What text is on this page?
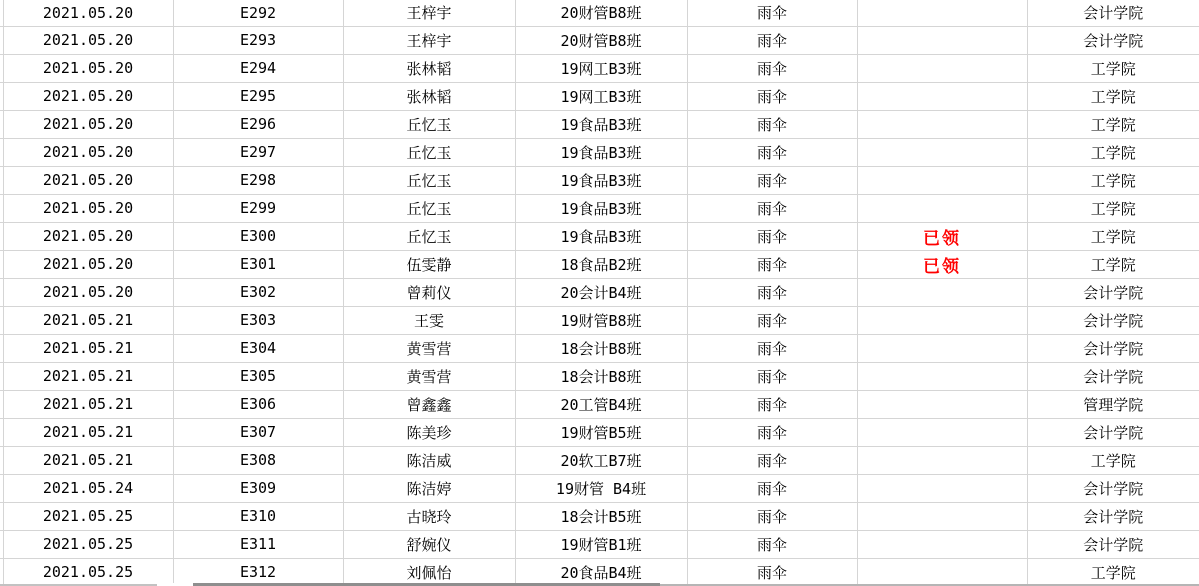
	2021.05.20	E292	王梓宇	20财管B8班	雨伞		会计学院
	2021.05.20	E293	王梓宇	20财管B8班	雨伞		会计学院
	2021.05.20	E294	张林韬	19网工B3班	雨伞		工学院
	2021.05.20	E295	张林韬	19网工B3班	雨伞		工学院
	2021.05.20	E296	丘忆玉	19食品B3班	雨伞		工学院
	2021.05.20	E297	丘忆玉	19食品B3班	雨伞		工学院
	2021.05.20	E298	丘忆玉	19食品B3班	雨伞		工学院
	2021.05.20	E299	丘忆玉	19食品B3班	雨伞		工学院
	2021.05.20	E300	丘忆玉	19食品B3班	雨伞	已领	工学院
	2021.05.20	E301	伍雯静	18食品B2班	雨伞	已领	工学院
	2021.05.20	E302	曾莉仪	20会计B4班	雨伞		会计学院
	2021.05.21	E303	王雯	19财管B8班	雨伞		会计学院
	2021.05.21	E304	黄雪营	18会计B8班	雨伞		会计学院
	2021.05.21	E305	黄雪营	18会计B8班	雨伞		会计学院
	2021.05.21	E306	曾鑫鑫	20工管B4班	雨伞		管理学院
	2021.05.21	E307	陈美珍	19财管B5班	雨伞		会计学院
	2021.05.21	E308	陈洁威	20软工B7班	雨伞		工学院
	2021.05.24	E309	陈洁婷	19财管 B4班	雨伞		会计学院
	2021.05.25	E310	古晓玲	18会计B5班	雨伞		会计学院
	2021.05.25	E311	舒婉仪	19财管B1班	雨伞		会计学院
	2021.05.25	E312	刘佩怡	20食品B4班	雨伞		工学院
